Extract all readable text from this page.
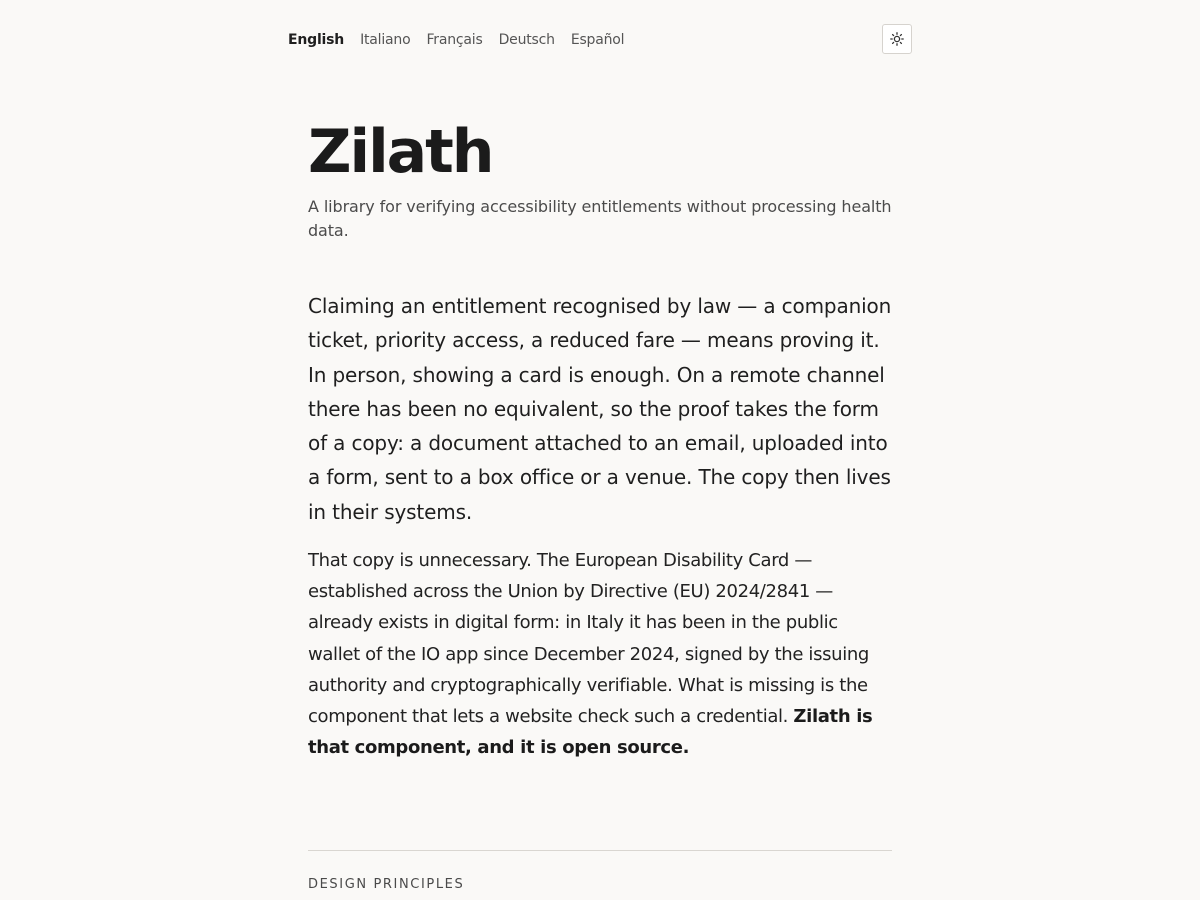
English Italiano Français Deutsch Español
Zilath

A library for verifying accessibility entitlements without processing health data.

Claiming an entitlement recognised by law — a companion ticket, priority access, a reduced fare — means proving it. In person, showing a card is enough. On a remote channel there has been no equivalent, so the proof takes the form of a copy: a document attached to an email, uploaded into a form, sent to a box office or a venue. The copy then lives in their systems.

That copy is unnecessary. The European Disability Card — established across the Union by Directive (EU) 2024/2841 — already exists in digital form: in Italy it has been in the public wallet of the IO app since December 2024, signed by the issuing authority and cryptographically verifiable. What is missing is the component that lets a website check such a credential. Zilath is that component, and it is open source.

DESIGN PRINCIPLES
